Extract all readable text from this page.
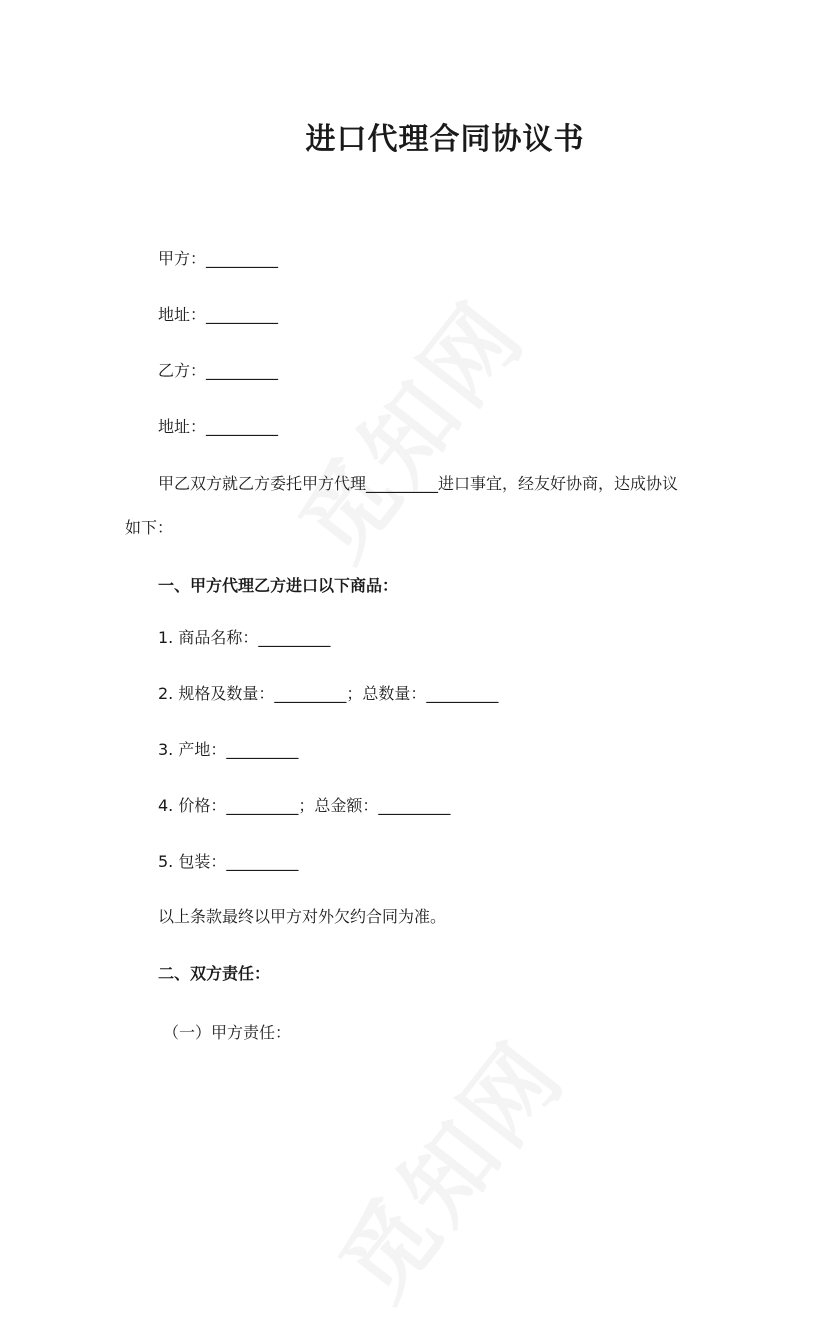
进口代理合同协议书
甲方：_________
地址：_________
乙方：_________
地址：_________
甲乙双方就乙方委托甲方代理_________进口事宜，经友好协商，达成协议
如下：
一、甲方代理乙方进口以下商品：
1. 商品名称：_________
2. 规格及数量：_________；总数量：_________
3. 产地：_________
4. 价格：_________；总金额：_________
5. 包装：_________
以上条款最终以甲方对外欠约合同为准。
二、双方责任：
（一）甲方责任：
